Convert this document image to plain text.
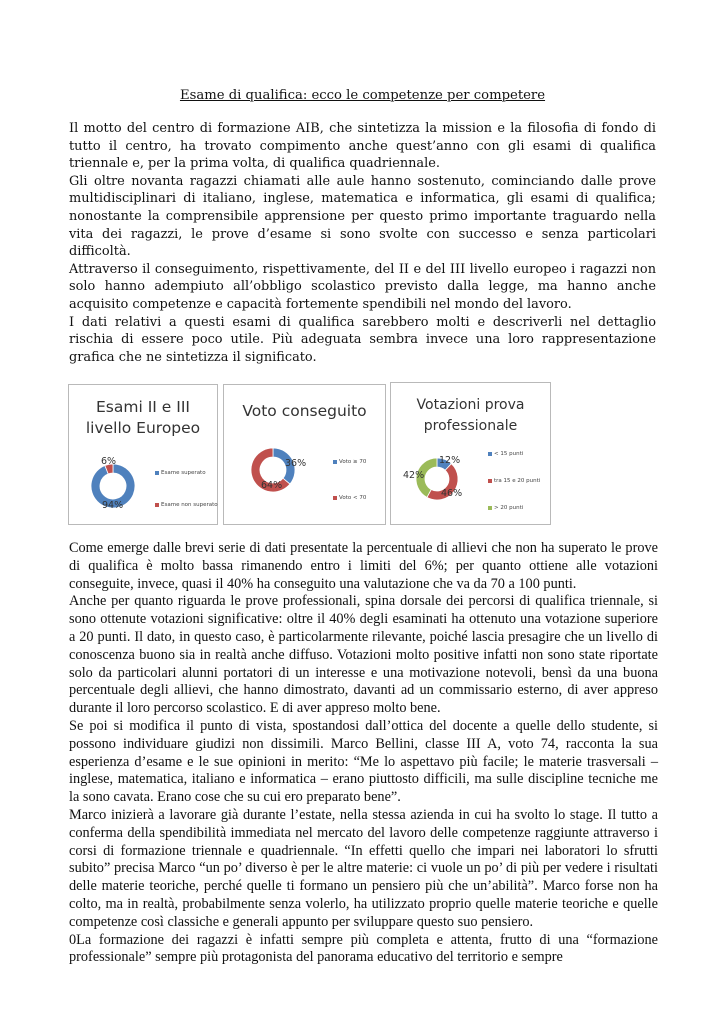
Esame di qualifica: ecco le competenze per competere

Il motto del centro di formazione AIB, che sintetizza la mission e la filosofia di fondo di tutto il centro, ha trovato compimento anche quest’anno con gli esami di qualifica triennale e, per la prima volta, di qualifica quadriennale.

Gli oltre novanta ragazzi chiamati alle aule hanno sostenuto, cominciando dalle prove multidisciplinari di italiano, inglese, matematica e informatica, gli esami di qualifica; nonostante la comprensibile apprensione per questo primo importante traguardo nella vita dei ragazzi, le prove d’esame si sono svolte con successo e senza particolari difficoltà.

Attraverso il conseguimento, rispettivamente, del II e del III livello europeo i ragazzi non solo hanno adempiuto all’obbligo scolastico previsto dalla legge, ma hanno anche acquisito competenze e capacità fortemente spendibili nel mondo del lavoro.

I dati relativi a questi esami di qualifica sarebbero molti e descriverli nel dettaglio rischia di essere poco utile. Più adeguata sembra invece una loro rappresentazione grafica che ne sintetizza il significato.

Esami II e III
livello Europeo
94%
6%
Esame superato
Esame non superato
Voto conseguito
36%
64%
Voto ≥ 70
Voto < 70
Votazioni prova
professionale
12%
46%
42%
< 15 punti
tra 15 e 20 punti
> 20 punti

Come emerge dalle brevi serie di dati presentate la percentuale di allievi che non ha superato le prove di qualifica è molto bassa rimanendo entro i limiti del 6%; per quanto ottiene alle votazioni conseguite, invece, quasi il 40% ha conseguito una valutazione che va da 70 a 100 punti.

Anche per quanto riguarda le prove professionali, spina dorsale dei percorsi di qualifica triennale, si sono ottenute votazioni significative: oltre il 40% degli esaminati ha ottenuto una votazione superiore a 20 punti. Il dato, in questo caso, è particolarmente rilevante, poiché lascia presagire che un livello di conoscenza buono sia in realtà anche diffuso. Votazioni molto positive infatti non sono state riportate solo da particolari alunni portatori di un interesse e una motivazione notevoli, bensì da una buona percentuale degli allievi, che hanno dimostrato, davanti ad un commissario esterno, di aver appreso durante il loro percorso scolastico. E di aver appreso molto bene.

Se poi si modifica il punto di vista, spostandosi dall’ottica del docente a quelle dello studente, si possono individuare giudizi non dissimili. Marco Bellini, classe III A, voto 74, racconta la sua esperienza d’esame e le sue opinioni in merito: “Me lo aspettavo più facile; le materie trasversali – inglese, matematica, italiano e informatica – erano piuttosto difficili, ma sulle discipline tecniche me la sono cavata. Erano cose che su cui ero preparato bene”.

Marco inizierà a lavorare già durante l’estate, nella stessa azienda in cui ha svolto lo stage. Il tutto a conferma della spendibilità immediata nel mercato del lavoro delle competenze raggiunte attraverso i corsi di formazione triennale e quadriennale. “In effetti quello che impari nei laboratori lo sfrutti subito” precisa Marco “un po’ diverso è per le altre materie: ci vuole un po’ di più per vedere i risultati delle materie teoriche, perché quelle ti formano un pensiero più che un’abilità”. Marco forse non ha colto, ma in realtà, probabilmente senza volerlo, ha utilizzato proprio quelle materie teoriche e quelle competenze così classiche e generali appunto per sviluppare questo suo pensiero.

0La formazione dei ragazzi è infatti sempre più completa e attenta, frutto di una “formazione professionale” sempre più protagonista del panorama educativo del territorio e sempre
